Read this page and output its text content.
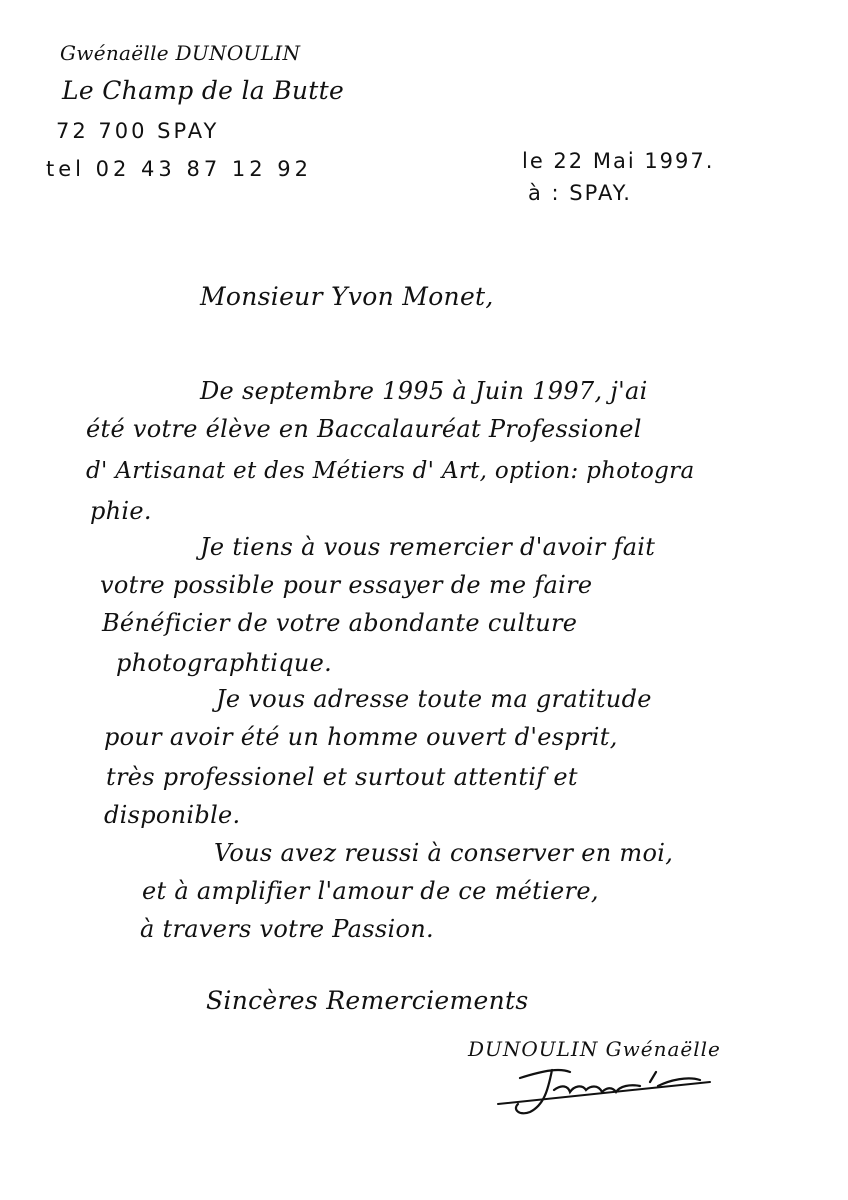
Gwénaëlle DUNOULIN
Le Champ de la Butte
72 700 SPAY
tel 02 43 87 12 92	le 22 Mai 1997.
à : SPAY.
Monsieur Yvon Monet,
De septembre 1995 à Juin 1997, j'ai
été votre élève en Baccalauréat Professionel
d' Artisanat et des Métiers d' Art, option: photogra
phie.
Je tiens à vous remercier d'avoir fait
votre possible pour essayer de me faire
Bénéficier de votre abondante culture
photographtique.
Je vous adresse toute ma gratitude
pour avoir été un homme ouvert d'esprit,
très professionel et surtout attentif et
disponible.
Vous avez reussi à conserver en moi,
et à amplifier l'amour de ce métiere,
à travers votre Passion.
Sincères Remerciements
DUNOULIN Gwénaëlle
